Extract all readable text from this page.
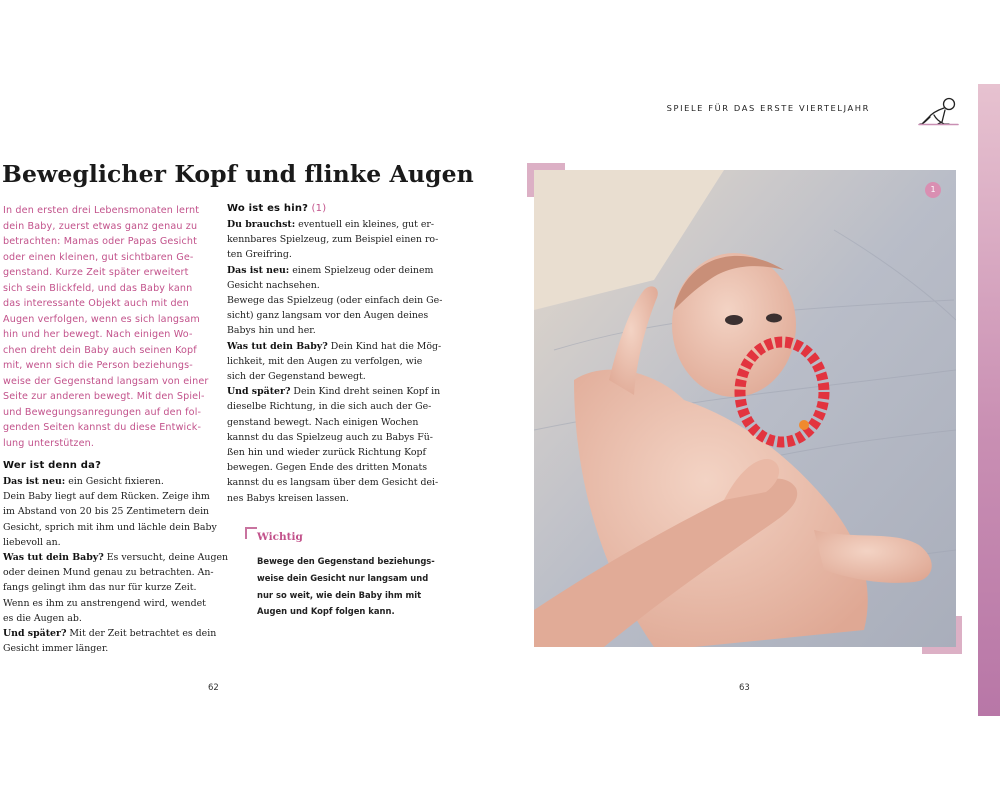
SPIELE FÜR DAS ERSTE VIERTELJAHR
Beweglicher Kopf und flinke Augen
In den ersten drei Lebensmonaten lernt
dein Baby, zuerst etwas ganz genau zu
betrachten: Mamas oder Papas Gesicht
oder einen kleinen, gut sichtbaren Ge-
genstand. Kurze Zeit später erweitert
sich sein Blickfeld, und das Baby kann
das interessante Objekt auch mit den
Augen verfolgen, wenn es sich langsam
hin und her bewegt. Nach einigen Wo-
chen dreht dein Baby auch seinen Kopf
mit, wenn sich die Person beziehungs-
weise der Gegenstand langsam von einer
Seite zur anderen bewegt. Mit den Spiel-
und Bewegungsanregungen auf den fol-
genden Seiten kannst du diese Entwick-
lung unterstützen.
Wer ist denn da?
Das ist neu: ein Gesicht fixieren.
Dein Baby liegt auf dem Rücken. Zeige ihm
im Abstand von 20 bis 25 Zentimetern dein
Gesicht, sprich mit ihm und lächle dein Baby
liebevoll an.
Was tut dein Baby? Es versucht, deine Augen
oder deinen Mund genau zu betrachten. An-
fangs gelingt ihm das nur für kurze Zeit.
Wenn es ihm zu anstrengend wird, wendet
es die Augen ab.
Und später? Mit der Zeit betrachtet es dein
Gesicht immer länger.
Wo ist es hin? (1)
Du brauchst: eventuell ein kleines, gut er-
kennbares Spielzeug, zum Beispiel einen ro-
ten Greifring.
Das ist neu: einem Spielzeug oder deinem
Gesicht nachsehen.
Bewege das Spielzeug (oder einfach dein Ge-
sicht) ganz langsam vor den Augen deines
Babys hin und her.
Was tut dein Baby? Dein Kind hat die Mög-
lichkeit, mit den Augen zu verfolgen, wie
sich der Gegenstand bewegt.
Und später? Dein Kind dreht seinen Kopf in
dieselbe Richtung, in die sich auch der Ge-
genstand bewegt. Nach einigen Wochen
kannst du das Spielzeug auch zu Babys Fü-
ßen hin und wieder zurück Richtung Kopf
bewegen. Gegen Ende des dritten Monats
kannst du es langsam über dem Gesicht dei-
nes Babys kreisen lassen.
Wichtig
Bewege den Gegenstand beziehungs-
weise dein Gesicht nur langsam und
nur so weit, wie dein Baby ihm mit
Augen und Kopf folgen kann.
62	63
1
